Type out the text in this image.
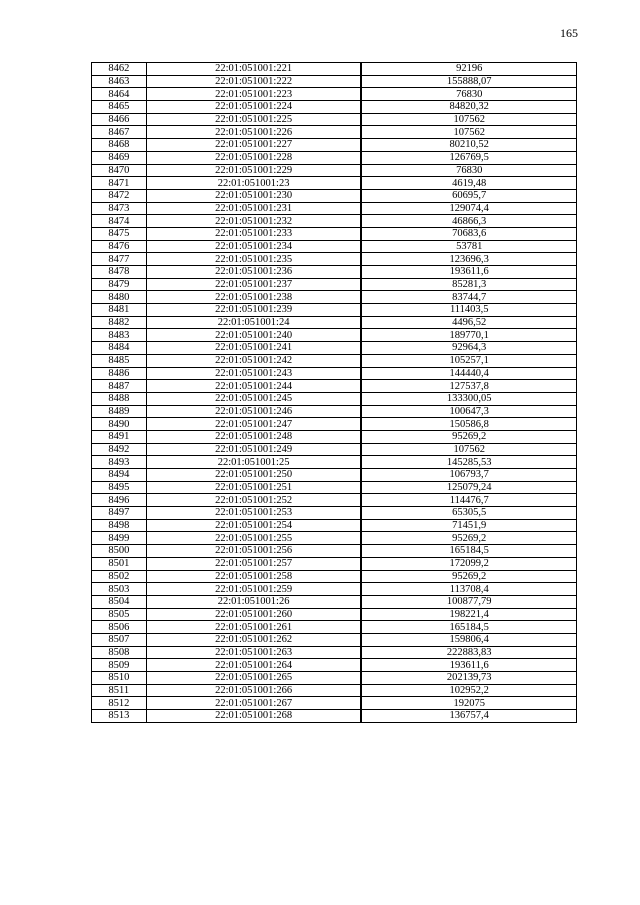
165
8462	22:01:051001:221	92196
8463	22:01:051001:222	155888,07
8464	22:01:051001:223	76830
8465	22:01:051001:224	84820,32
8466	22:01:051001:225	107562
8467	22:01:051001:226	107562
8468	22:01:051001:227	80210,52
8469	22:01:051001:228	126769,5
8470	22:01:051001:229	76830
8471	22:01:051001:23	4619,48
8472	22:01:051001:230	60695,7
8473	22:01:051001:231	129074,4
8474	22:01:051001:232	46866,3
8475	22:01:051001:233	70683,6
8476	22:01:051001:234	53781
8477	22:01:051001:235	123696,3
8478	22:01:051001:236	193611,6
8479	22:01:051001:237	85281,3
8480	22:01:051001:238	83744,7
8481	22:01:051001:239	111403,5
8482	22:01:051001:24	4496,52
8483	22:01:051001:240	189770,1
8484	22:01:051001:241	92964,3
8485	22:01:051001:242	105257,1
8486	22:01:051001:243	144440,4
8487	22:01:051001:244	127537,8
8488	22:01:051001:245	133300,05
8489	22:01:051001:246	100647,3
8490	22:01:051001:247	150586,8
8491	22:01:051001:248	95269,2
8492	22:01:051001:249	107562
8493	22:01:051001:25	145285,53
8494	22:01:051001:250	106793,7
8495	22:01:051001:251	125079,24
8496	22:01:051001:252	114476,7
8497	22:01:051001:253	65305,5
8498	22:01:051001:254	71451,9
8499	22:01:051001:255	95269,2
8500	22:01:051001:256	165184,5
8501	22:01:051001:257	172099,2
8502	22:01:051001:258	95269,2
8503	22:01:051001:259	113708,4
8504	22:01:051001:26	100877,79
8505	22:01:051001:260	198221,4
8506	22:01:051001:261	165184,5
8507	22:01:051001:262	159806,4
8508	22:01:051001:263	222883,83
8509	22:01:051001:264	193611,6
8510	22:01:051001:265	202139,73
8511	22:01:051001:266	102952,2
8512	22:01:051001:267	192075
8513	22:01:051001:268	136757,4
